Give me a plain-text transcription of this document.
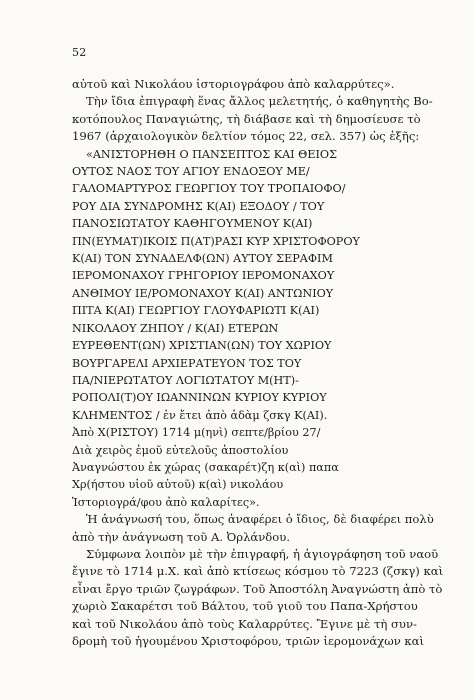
52
αὐτοῦ καὶ Νικολάου ἱστοριογράφου ἀπὸ καλαρρύτες».
Τὴν ἴδια ἐπιγραφὴ ἕνας ἄλλος μελετητής, ὁ καθηγητὴς Βο-
κοτόπουλος Παναγιώτης, τὴ διάβασε καὶ τὴ δημοσίευσε τὸ
1967 (ἀρχαιολογικὸν δελτίον τόμος 22, σελ. 357) ὡς ἑξῆς:
«ΑΝΙΣΤΟΡΗΘΗ Ο ΠΑΝΣΕΠΤΟΣ ΚΑΙ ΘΕΙΟΣ
ΟΥΤΟΣ ΝΑΟΣ ΤΟΥ ΑΓΙΟΥ ΕΝΔΟΞΟΥ ΜΕ/
ΓΑΛΟΜΑΡΤΥΡΟΣ ΓΕΩΡΓΙΟΥ ΤΟΥ ΤΡΟΠΑΙΟΦΟ/
ΡΟΥ ΔΙΑ ΣΥΝΔΡΟΜΗΣ Κ(ΑΙ) ΕΞΟΔΟΥ / ΤΟΥ
ΠΑΝΟΣΙΩΤΑΤΟΥ ΚΑΘΗΓΟΥΜΕΝΟΥ Κ(ΑΙ)
ΠΝ(ΕΥΜΑΤ)ΙΚΟΙΣ Π(ΑΤ)ΡΑΣΙ ΚΥΡ ΧΡΙΣΤΟΦΟΡΟΥ
Κ(ΑΙ) ΤΟΝ ΣΥΝΑΔΕΛΦ(ΩΝ) ΑΥΤΟΥ ΣΕΡΑΦΙΜ
ΙΕΡΟΜΟΝΑΧΟΥ ΓΡΗΓΟΡΙΟΥ ΙΕΡΟΜΟΝΑΧΟΥ
ΑΝΘΙΜΟΥ ΙΕ/ΡΟΜΟΝΑΧΟΥ Κ(ΑΙ) ΑΝΤΩΝΙΟΥ
ΠΙΤΑ Κ(ΑΙ) ΓΕΩΡΓΙΟΥ ΓΛΟΥΦΑΡΙΩΤΙ Κ(ΑΙ)
ΝΙΚΟΛΑΟΥ ΖΗΠΟΥ / Κ(ΑΙ) ΕΤΕΡΩΝ
ΕΥΡΕΘΕΝΤ(ΩΝ) ΧΡΙΣΤΙΑΝ(ΩΝ) ΤΟΥ ΧΩΡΙΟΥ
ΒΟΥΡΓΑΡΕΛΙ ΑΡΧΙΕΡΑΤΕΥΟΝ ΤΟΣ ΤΟΥ
ΠΑ/ΝΙΕΡΩΤΑΤΟΥ ΛΟΓΙΩΤΑΤΟΥ Μ(ΗΤ)-
ΡΟΠΟΛΙ(Τ)ΟΥ ΙΩΑΝΝΙΝΩΝ ΚΥΡΙΟΥ ΚΥΡΙΟΥ
ΚΛΗΜΕΝΤΟΣ / ἐν ἔτει ἀπὸ ἀδὰμ ζσκγ Κ(ΑΙ).
Ἀπὸ Χ(ΡΙΣΤΟΥ) 1714 μ(ηνὶ) σεπτε/βρίου 27/
Διὰ χειρὸς ἐμοῦ εὐτελοῦς ἀποστολίου
Ἀναγνώστου ἐκ χώρας (σακαρέτ)ζη κ(αὶ) παπα
Χρ(ήστου υἱοῦ αὐτοῦ) κ(αὶ) νικολάου
Ἱστοριογρά/φου ἀπὸ καλαρίτες».
Ἡ ἀνάγνωσή του, ὅπως ἀναφέρει ὁ ἴδιος, δὲ διαφέρει πολὺ
ἀπὸ τὴν ἀνάγνωση τοῦ Α. Ὀρλάνδου.
Σύμφωνα λοιπὸν μὲ τὴν ἐπιγραφή, ἡ ἁγιογράφηση τοῦ ναοῦ
ἔγινε τὸ 1714 μ.Χ. καὶ ἀπὸ κτίσεως κόσμου τὸ 7223 (ζσκγ) καὶ
εἶναι ἔργο τριῶν ζωγράφων. Τοῦ Ἀποστόλη Ἀναγνώστη ἀπὸ τὸ
χωριὸ Σακαρέτσι τοῦ Βάλτου, τοῦ γιοῦ του Παπα-Χρήστου
καὶ τοῦ Νικολάου ἀπὸ τοὺς Καλαρρύτες. Ἔγινε μὲ τὴ συν-
δρομὴ τοῦ ἡγουμένου Χριστοφόρου, τριῶν ἱερομονάχων καὶ
